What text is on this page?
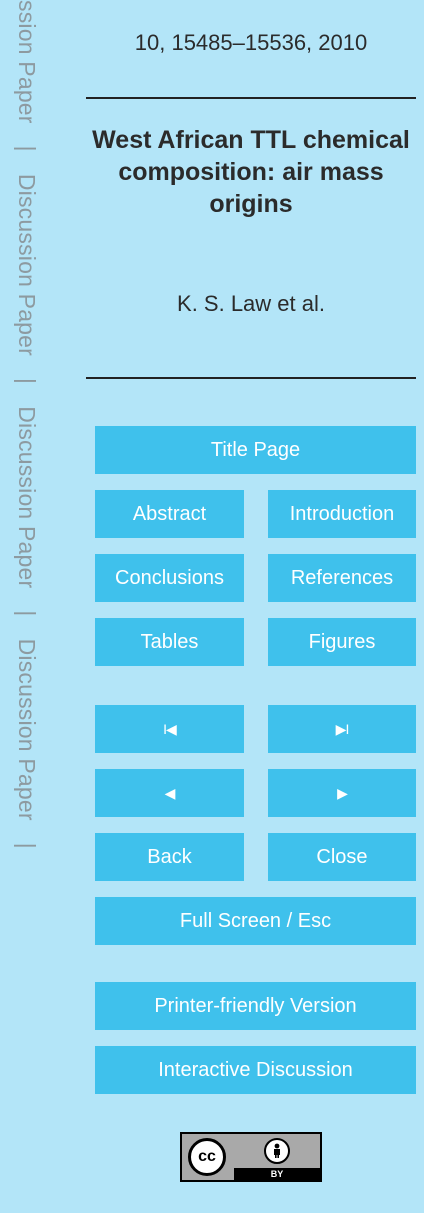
ssion Paper|Discussion Paper|Discussion Paper|Discussion Paper|
10, 15485–15536, 2010
West African TTL chemical composition: air mass origins
K. S. Law et al.
Title Page
Abstract	Introduction
Conclusions	References
Tables	Figures
I◀	▶I
◀	▶
Back	Close
Full Screen / Esc
Printer-friendly Version
Interactive Discussion
cc
BY
